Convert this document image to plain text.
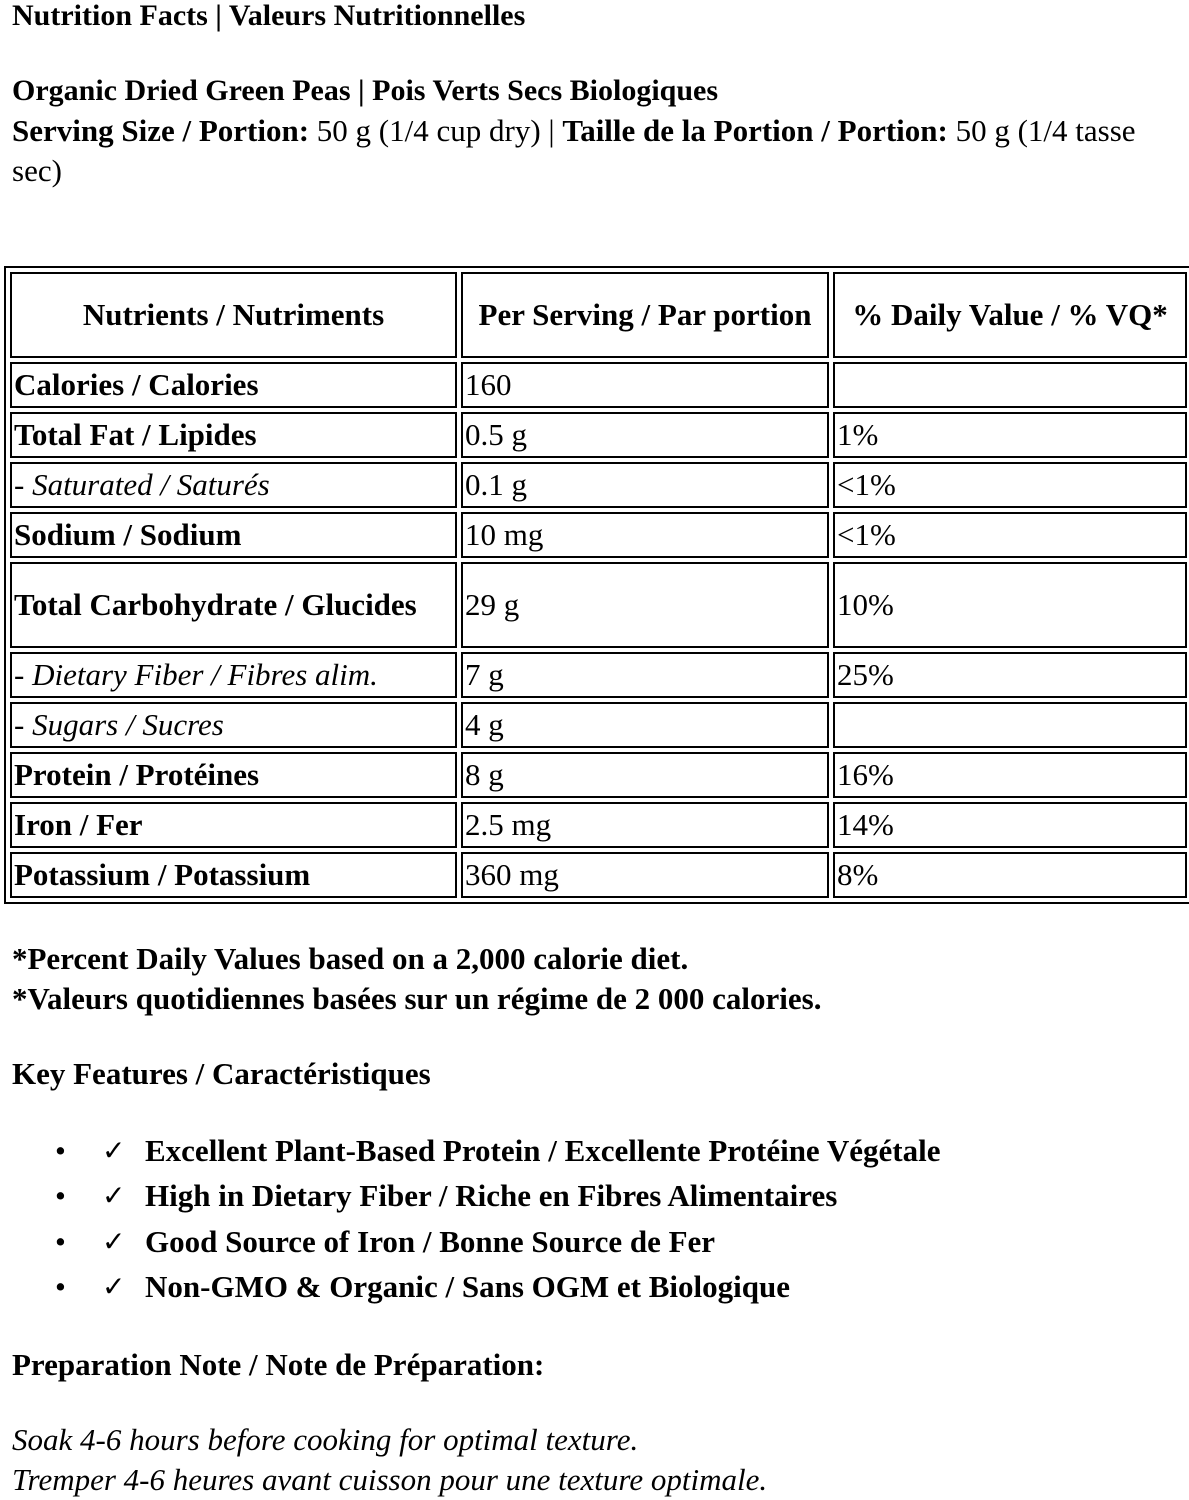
Nutrition Facts | Valeurs Nutritionnelles

Organic Dried Green Peas | Pois Verts Secs Biologiques

Serving Size / Portion: 50 g (1/4 cup dry) | Taille de la Portion / Portion: 50 g (1/4 tasse sec)

Nutrients / Nutriments	Per Serving / Par portion	% Daily Value / % VQ*
Calories / Calories	160	
Total Fat / Lipides	0.5 g	1%
- Saturated / Saturés	0.1 g	<1%
Sodium / Sodium	10 mg	<1%
Total Carbohydrate / Glucides	29 g	10%
- Dietary Fiber / Fibres alim.	7 g	25%
- Sugars / Sucres	4 g	
Protein / Protéines	8 g	16%
Iron / Fer	2.5 mg	14%
Potassium / Potassium	360 mg	8%
*Percent Daily Values based on a 2,000 calorie diet.
*Valeurs quotidiennes basées sur un régime de 2 000 calories.
Key Features / Caractéristiques
• ✓ Excellent Plant-Based Protein / Excellente Protéine Végétale
• ✓ High in Dietary Fiber / Riche en Fibres Alimentaires
• ✓ Good Source of Iron / Bonne Source de Fer
• ✓ Non-GMO & Organic / Sans OGM et Biologique
Preparation Note / Note de Préparation:

Soak 4-6 hours before cooking for optimal texture.

Tremper 4-6 heures avant cuisson pour une texture optimale.
